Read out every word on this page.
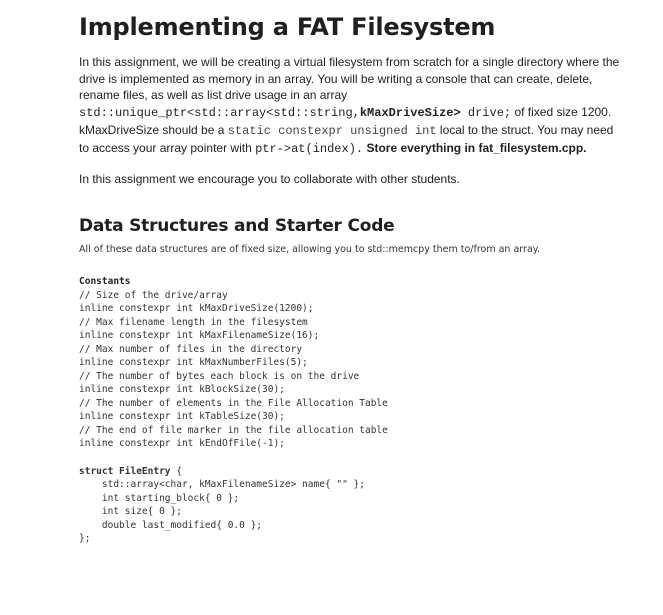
Implementing a FAT Filesystem

In this assignment, we will be creating a virtual filesystem from scratch for a single directory where the drive is implemented as memory in an array. You will be writing a console that can create, delete, rename files, as well as list drive usage in an array std::unique_ptr<std::array<std::string,kMaxDriveSize> drive; of fixed size 1200. kMaxDriveSize should be a static constexpr unsigned int local to the struct. You may need to access your array pointer with ptr->at(index). Store everything in fat_filesystem.cpp.

In this assignment we encourage you to collaborate with other students.

Data Structures and Starter Code

All of these data structures are of fixed size, allowing you to std::memcpy them to/from an array.

Constants
// Size of the drive/array
inline constexpr int kMaxDriveSize(1200);
// Max filename length in the filesystem
inline constexpr int kMaxFilenameSize(16);
// Max number of files in the directory
inline constexpr int kMaxNumberFiles(5);
// The number of bytes each block is on the drive
inline constexpr int kBlockSize(30);
// The number of elements in the File Allocation Table
inline constexpr int kTableSize(30);
// The end of file marker in the file allocation table
inline constexpr int kEndOfFile(-1);
struct FileEntry {
std::array<char, kMaxFilenameSize> name{ "" };
int starting_block{ 0 };
int size{ 0 };
double last_modified{ 0.0 };
};
